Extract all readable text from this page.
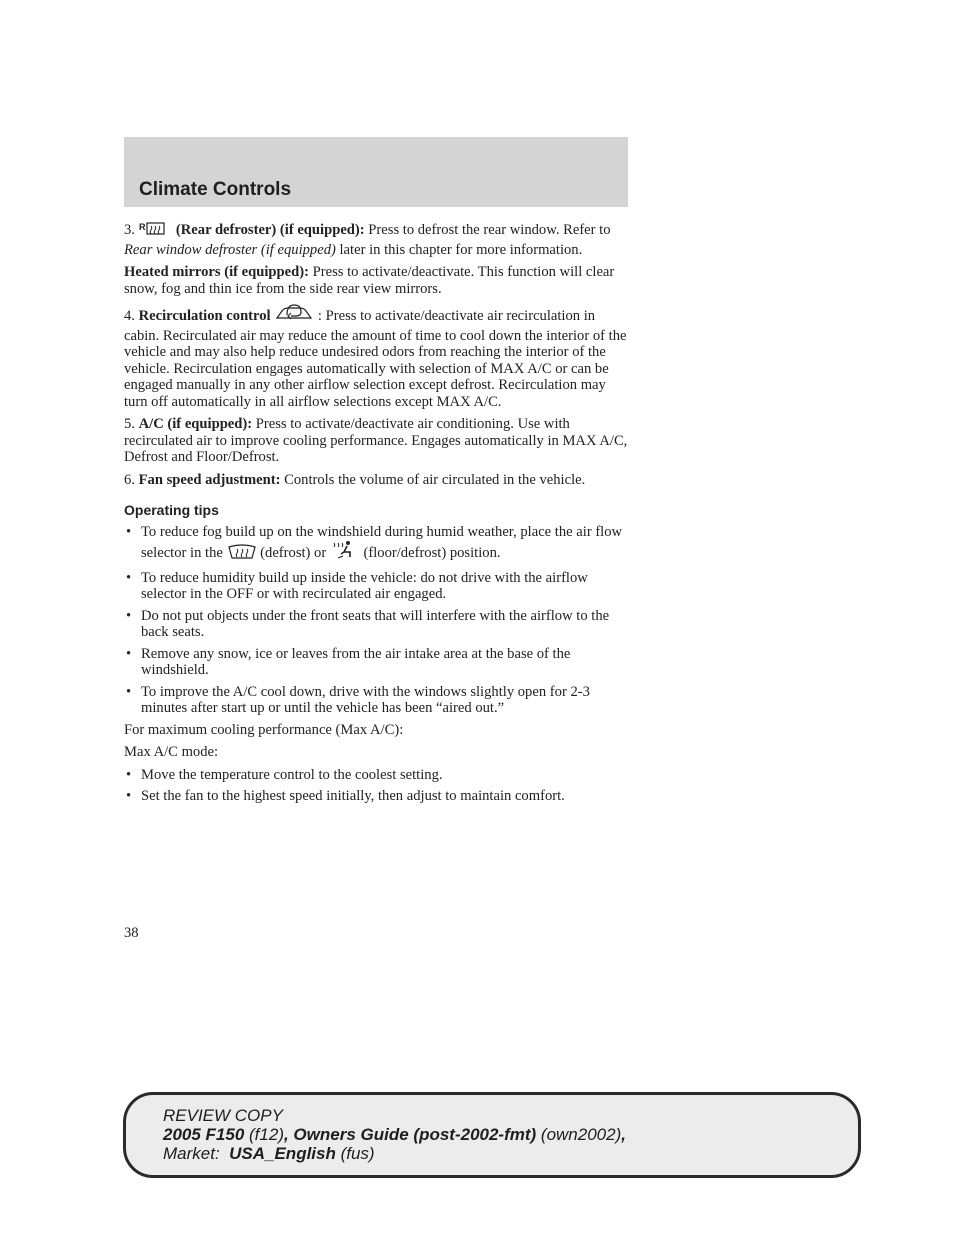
Climate Controls

3. R (Rear defroster) (if equipped): Press to defrost the rear window. Refer to Rear window defroster (if equipped) later in this chapter for more information.

Heated mirrors (if equipped): Press to activate/deactivate. This function will clear snow, fog and thin ice from the side rear view mirrors.

4. Recirculation control	: Press to activate/deactivate air recirculation in cabin. Recirculated air may reduce the amount of time to cool down the interior of the vehicle and may also help reduce undesired odors from reaching the interior of the vehicle. Recirculation engages automatically with selection of MAX A/C or can be engaged manually in any other airflow selection except defrost. Recirculation may turn off automatically in all airflow selections except MAX A/C.

5. A/C (if equipped): Press to activate/deactivate air conditioning. Use with recirculated air to improve cooling performance. Engages automatically in MAX A/C, Defrost and Floor/Defrost.

6. Fan speed adjustment: Controls the volume of air circulated in the vehicle.

Operating tips
• To reduce fog build up on the windshield during humid weather, place the air flow selector in the  (defrost) or  (floor/defrost) position.
• To reduce humidity build up inside the vehicle: do not drive with the airflow selector in the OFF or with recirculated air engaged.
• Do not put objects under the front seats that will interfere with the airflow to the back seats.
• Remove any snow, ice or leaves from the air intake area at the base of the windshield.
• To improve the A/C cool down, drive with the windows slightly open for 2-3 minutes after start up or until the vehicle has been “aired out.”

For maximum cooling performance (Max A/C):

Max A/C mode:

• Move the temperature control to the coolest setting.
• Set the fan to the highest speed initially, then adjust to maintain comfort.
38
REVIEW COPY
2005 F150 (f12), Owners Guide (post-2002-fmt) (own2002),
Market:  USA_English (fus)
